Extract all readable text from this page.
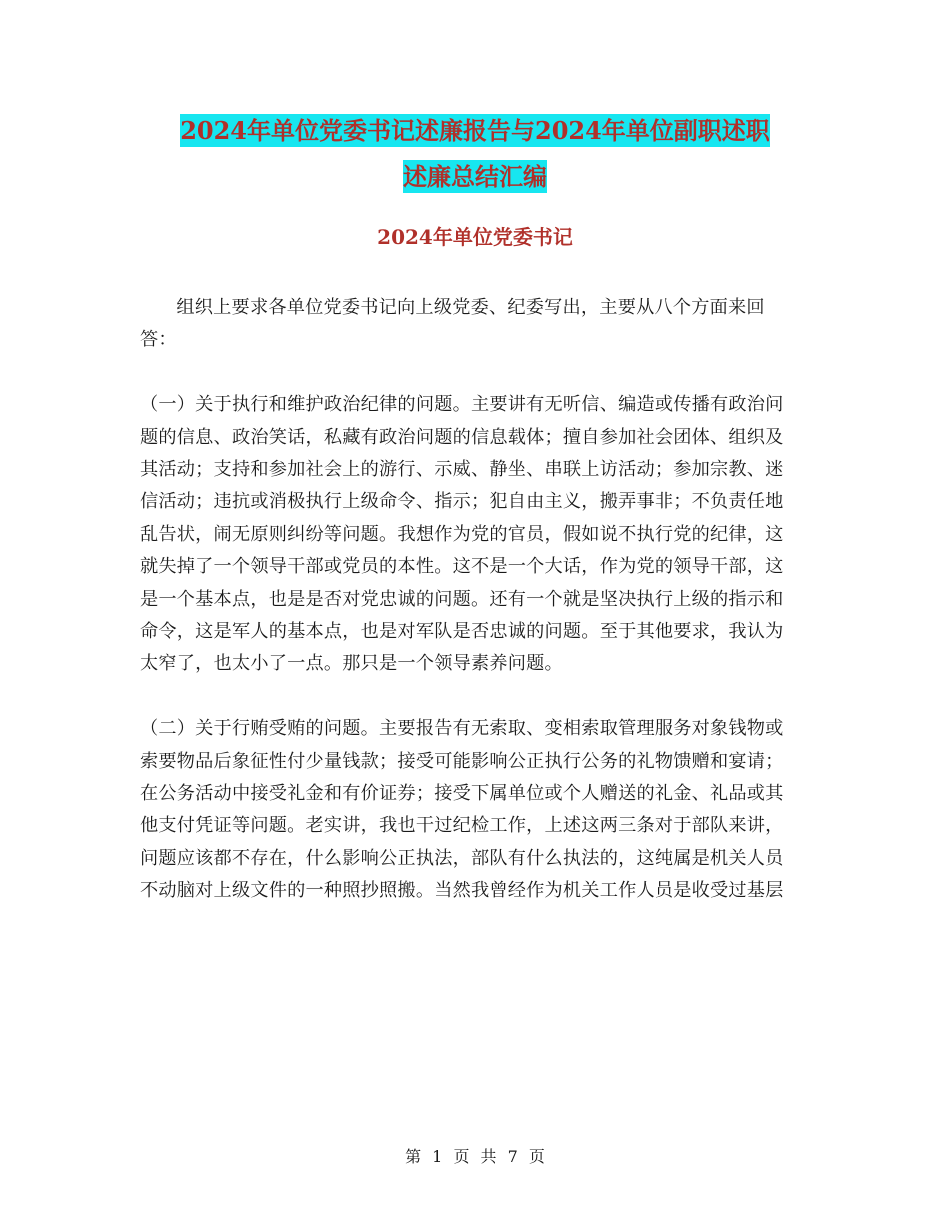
2024年单位党委书记述廉报告与2024年单位副职述职
述廉总结汇编
2024年单位党委书记

组织上要求各单位党委书记向上级党委、纪委写出，主要从八个方面来回答：

（一）关于执行和维护政治纪律的问题。主要讲有无听信、编造或传播有政治问题的信息、政治笑话，私藏有政治问题的信息载体；擅自参加社会团体、组织及其活动；支持和参加社会上的游行、示威、静坐、串联上访活动；参加宗教、迷信活动；违抗或消极执行上级命令、指示；犯自由主义，搬弄事非；不负责任地乱告状，闹无原则纠纷等问题。我想作为党的官员，假如说不执行党的纪律，这就失掉了一个领导干部或党员的本性。这不是一个大话，作为党的领导干部，这是一个基本点，也是是否对党忠诚的问题。还有一个就是坚决执行上级的指示和命令，这是军人的基本点，也是对军队是否忠诚的问题。至于其他要求，我认为太窄了，也太小了一点。那只是一个领导素养问题。

（二）关于行贿受贿的问题。主要报告有无索取、变相索取管理服务对象钱物或索要物品后象征性付少量钱款；接受可能影响公正执行公务的礼物馈赠和宴请；在公务活动中接受礼金和有价证券；接受下属单位或个人赠送的礼金、礼品或其他支付凭证等问题。老实讲，我也干过纪检工作，上述这两三条对于部队来讲，问题应该都不存在，什么影响公正执法，部队有什么执法的，这纯属是机关人员不动脑对上级文件的一种照抄照搬。当然我曾经作为机关工作人员是收受过基层

第 1 页 共 7 页
